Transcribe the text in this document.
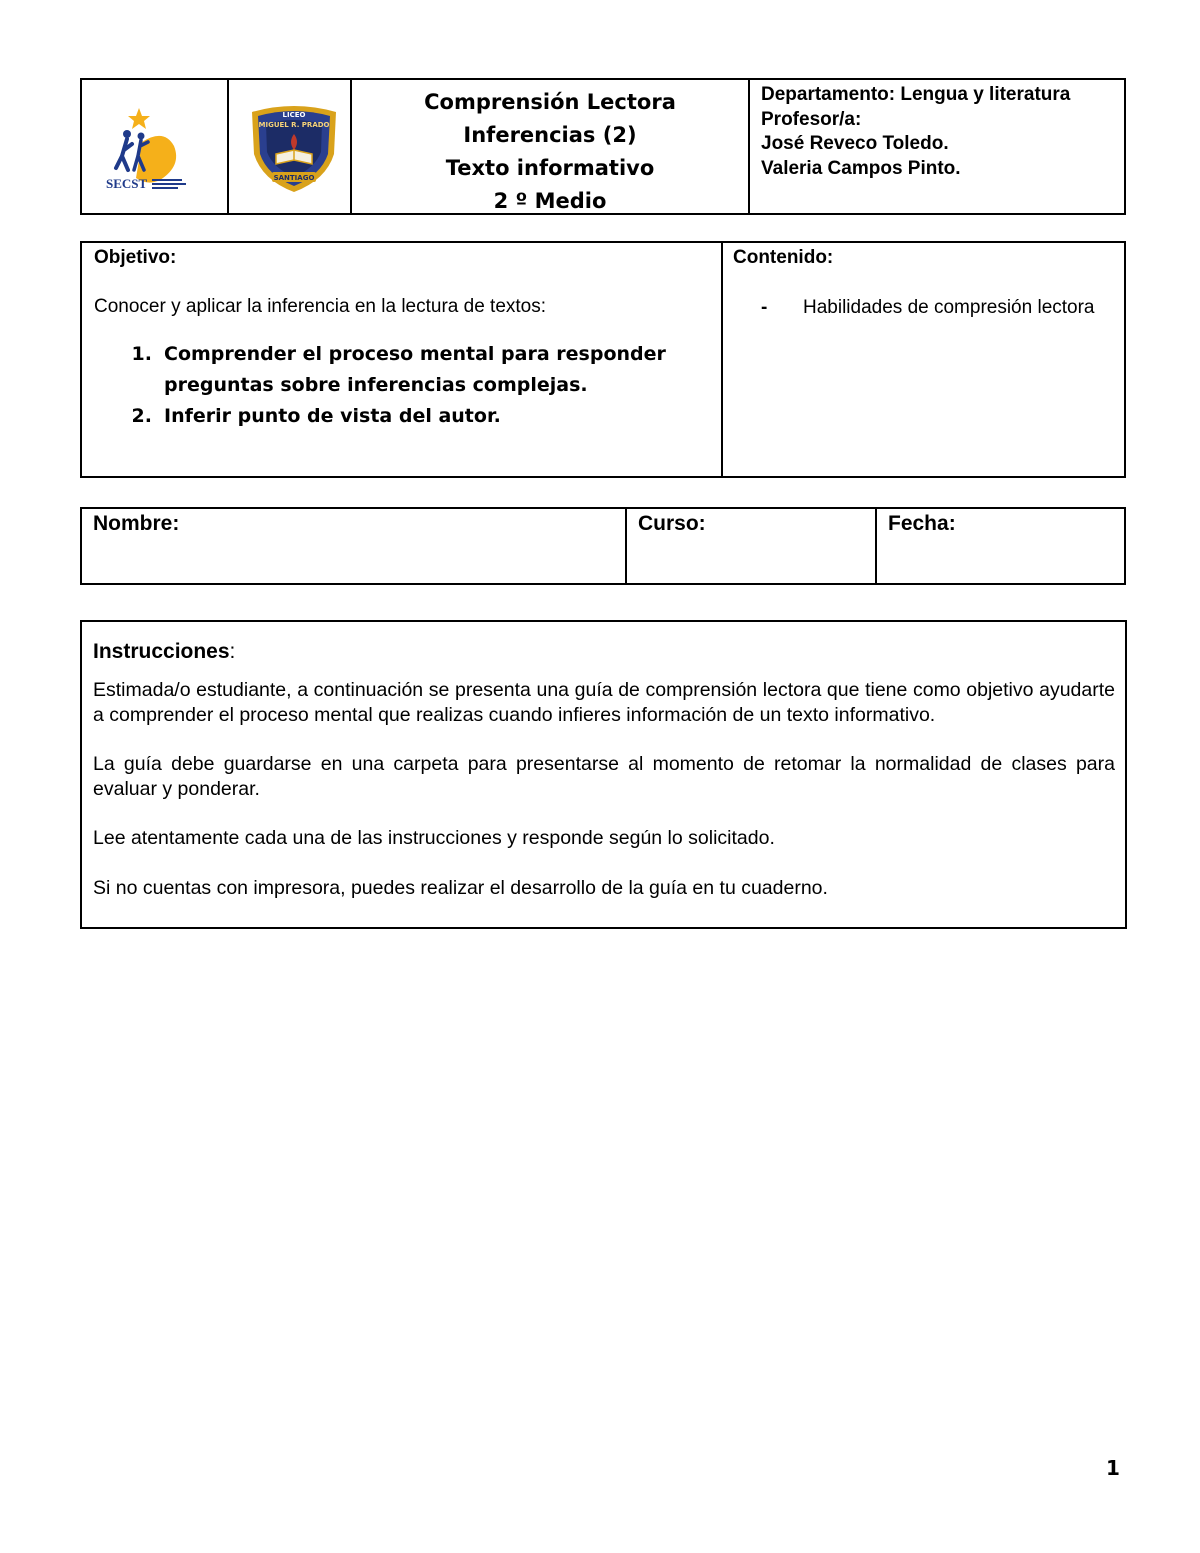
SECST
LICEO
MIGUEL R. PRADO
SANTIAGO
Comprensión Lectora
Inferencias (2)
Texto informativo
2 º Medio
Departamento: Lengua y literatura
Profesor/a:
José Reveco Toledo.
Valeria Campos Pinto.
Objetivo:
Conocer y aplicar la inferencia en la lectura de textos:
1. Comprender el proceso mental para responder preguntas sobre inferencias complejas.
2. Inferir punto de vista del autor.
Contenido:
-	Habilidades de compresión lectora
Nombre:	Curso:	Fecha:
Instrucciones:

Estimada/o estudiante, a continuación se presenta una guía de comprensión lectora que tiene como objetivo ayudarte a comprender el proceso mental que realizas cuando infieres información de un texto informativo.

La guía debe guardarse en una carpeta para presentarse al momento de retomar la normalidad de clases para evaluar y ponderar.

Lee atentamente cada una de las instrucciones y responde según lo solicitado.

Si no cuentas con impresora, puedes realizar el desarrollo de la guía en tu cuaderno.

1
